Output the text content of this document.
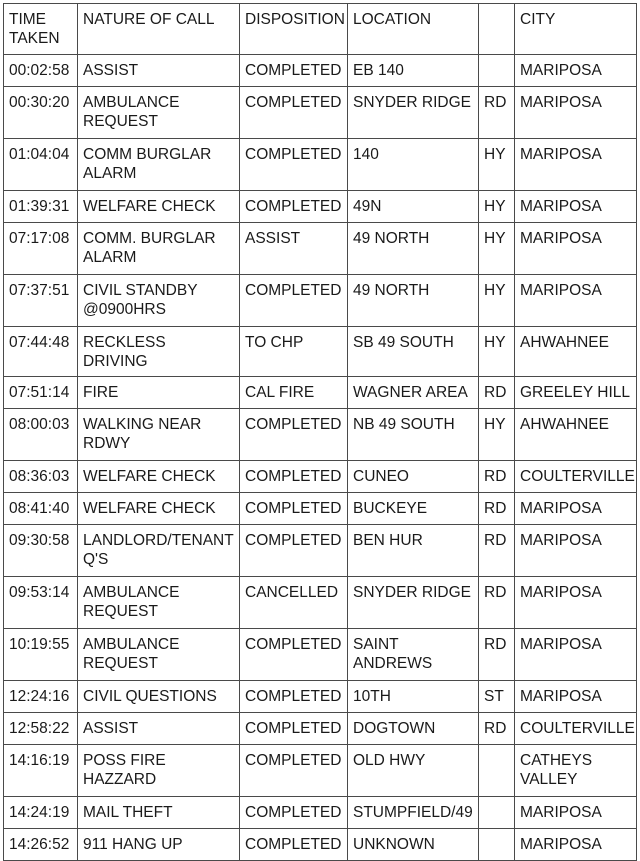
TIME TAKEN	NATURE OF CALL	DISPOSITION	LOCATION		CITY
00:02:58	ASSIST	COMPLETED	EB 140		MARIPOSA
00:30:20	AMBULANCE REQUEST	COMPLETED	SNYDER RIDGE	RD	MARIPOSA
01:04:04	COMM BURGLAR ALARM	COMPLETED	140	HY	MARIPOSA
01:39:31	WELFARE CHECK	COMPLETED	49N	HY	MARIPOSA
07:17:08	COMM. BURGLAR ALARM	ASSIST	49 NORTH	HY	MARIPOSA
07:37:51	CIVIL STANDBY @0900HRS	COMPLETED	49 NORTH	HY	MARIPOSA
07:44:48	RECKLESS DRIVING	TO CHP	SB 49 SOUTH	HY	AHWAHNEE
07:51:14	FIRE	CAL FIRE	WAGNER AREA	RD	GREELEY HILL
08:00:03	WALKING NEAR RDWY	COMPLETED	NB 49 SOUTH	HY	AHWAHNEE
08:36:03	WELFARE CHECK	COMPLETED	CUNEO	RD	COULTERVILLE
08:41:40	WELFARE CHECK	COMPLETED	BUCKEYE	RD	MARIPOSA
09:30:58	LANDLORD/TENANT Q'S	COMPLETED	BEN HUR	RD	MARIPOSA
09:53:14	AMBULANCE REQUEST	CANCELLED	SNYDER RIDGE	RD	MARIPOSA
10:19:55	AMBULANCE REQUEST	COMPLETED	SAINT ANDREWS	RD	MARIPOSA
12:24:16	CIVIL QUESTIONS	COMPLETED	10TH	ST	MARIPOSA
12:58:22	ASSIST	COMPLETED	DOGTOWN	RD	COULTERVILLE
14:16:19	POSS FIRE HAZZARD	COMPLETED	OLD HWY		CATHEYS VALLEY
14:24:19	MAIL THEFT	COMPLETED	STUMPFIELD/49		MARIPOSA
14:26:52	911 HANG UP	COMPLETED	UNKNOWN		MARIPOSA
